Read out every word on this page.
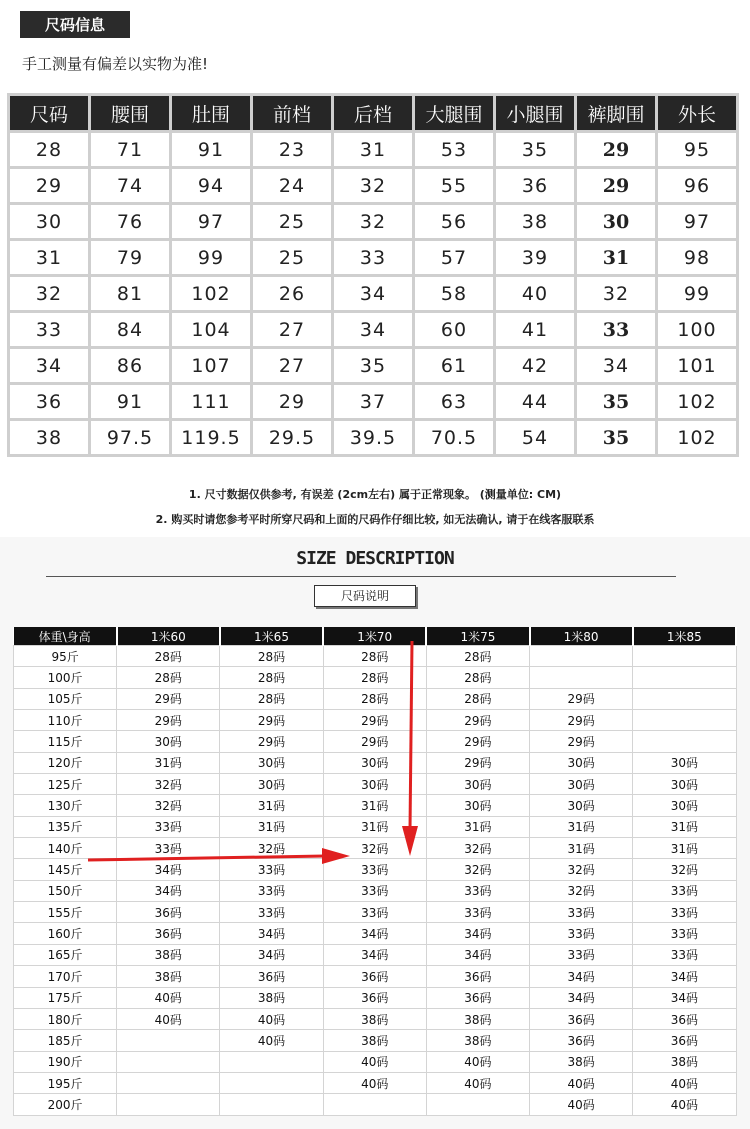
尺码信息
手工测量有偏差以实物为准!
尺码	腰围	肚围	前档	后档	大腿围	小腿围	裤脚围	外长
28	71	91	23	31	53	35	29	95
29	74	94	24	32	55	36	29	96
30	76	97	25	32	56	38	30	97
31	79	99	25	33	57	39	31	98
32	81	102	26	34	58	40	32	99
33	84	104	27	34	60	41	33	100
34	86	107	27	35	61	42	34	101
36	91	111	29	37	63	44	35	102
38	97.5	119.5	29.5	39.5	70.5	54	35	102
1. 尺寸数据仅供参考, 有误差 (2cm左右) 属于正常现象。 (测量单位: CM)
2. 购买时请您参考平时所穿尺码和上面的尺码作仔细比较, 如无法确认, 请于在线客服联系
SIZE DESCRIPTION
尺码说明
体重\身高	1米60	1米65	1米70	1米75	1米80	1米85
95斤	28码	28码	28码	28码		
100斤	28码	28码	28码	28码		
105斤	29码	28码	28码	28码	29码	
110斤	29码	29码	29码	29码	29码	
115斤	30码	29码	29码	29码	29码	
120斤	31码	30码	30码	29码	30码	30码
125斤	32码	30码	30码	30码	30码	30码
130斤	32码	31码	31码	30码	30码	30码
135斤	33码	31码	31码	31码	31码	31码
140斤	33码	32码	32码	32码	31码	31码
145斤	34码	33码	33码	32码	32码	32码
150斤	34码	33码	33码	33码	32码	33码
155斤	36码	33码	33码	33码	33码	33码
160斤	36码	34码	34码	34码	33码	33码
165斤	38码	34码	34码	34码	33码	33码
170斤	38码	36码	36码	36码	34码	34码
175斤	40码	38码	36码	36码	34码	34码
180斤	40码	40码	38码	38码	36码	36码
185斤		40码	38码	38码	36码	36码
190斤			40码	40码	38码	38码
195斤			40码	40码	40码	40码
200斤					40码	40码
